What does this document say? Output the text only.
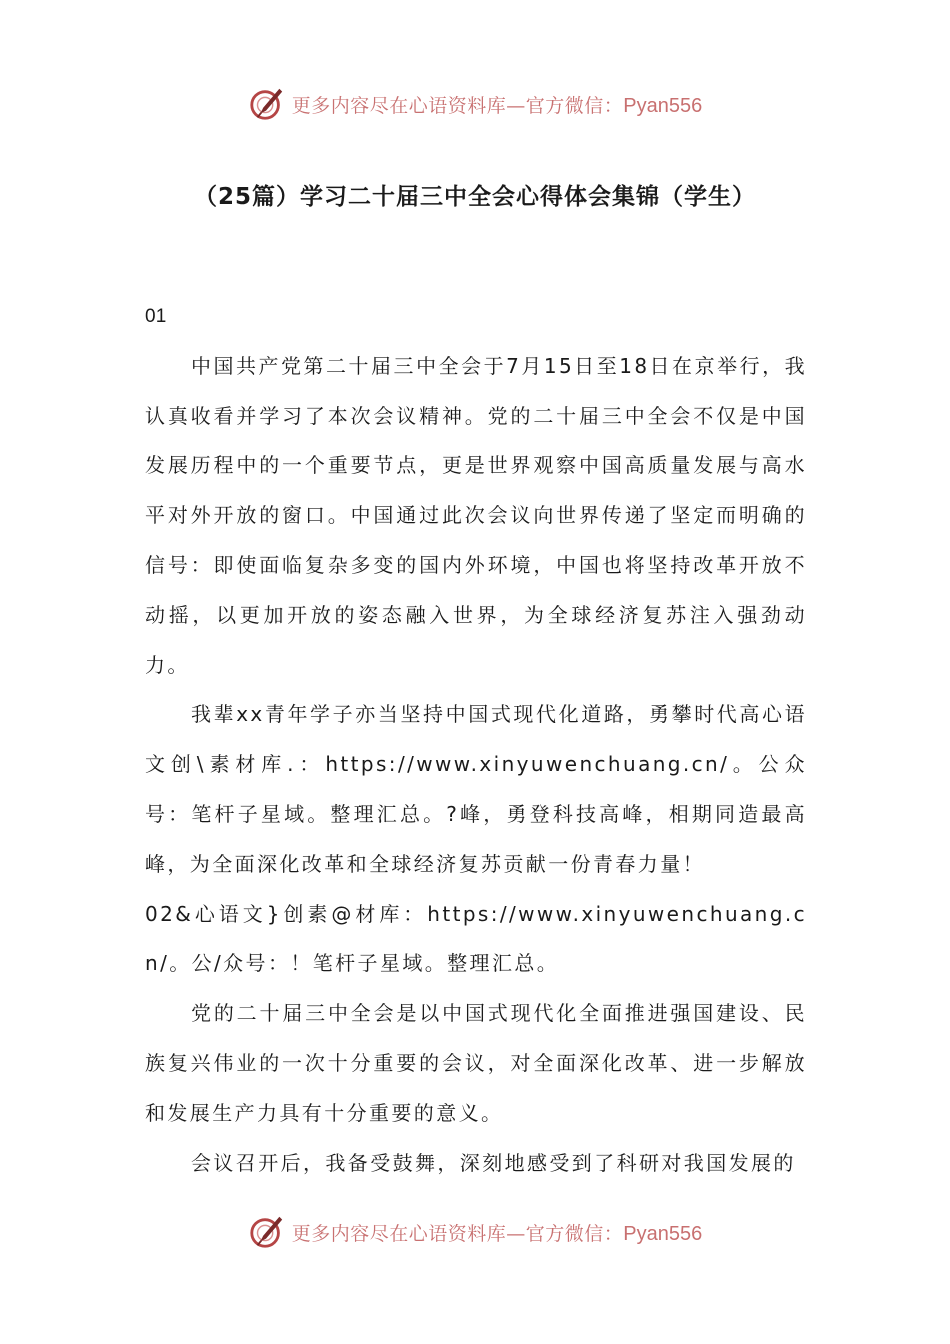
更多内容尽在心语资料库—官方微信：Pyan556
（25篇）学习二十届三中全会心得体会集锦（学生）

01

中国共产党第二十届三中全会于7月15日至18日在京举行，我认真收看并学习了本次会议精神。党的二十届三中全会不仅是中国发展历程中的一个重要节点，更是世界观察中国高质量发展与高水平对外开放的窗口。中国通过此次会议向世界传递了坚定而明确的信号：即使面临复杂多变的国内外环境，中国也将坚持改革开放不动摇，以更加开放的姿态融入世界，为全球经济复苏注入强劲动力。

我辈xx青年学子亦当坚持中国式现代化道路，勇攀时代高心语文创\素材库.：https://www.xinyuwenchuang.cn/。公众号：笔杆子星域。整理汇总。?峰，勇登科技高峰，相期同造最高峰，为全面深化改革和全球经济复苏贡献一份青春力量！

02&心语文}创素@材库：https://www.xinyuwenchuang.cn/。公/众号：！笔杆子星域。整理汇总。

党的二十届三中全会是以中国式现代化全面推进强国建设、民族复兴伟业的一次十分重要的会议，对全面深化改革、进一步解放和发展生产力具有十分重要的意义。

会议召开后，我备受鼓舞，深刻地感受到了科研对我国发展的

更多内容尽在心语资料库—官方微信：Pyan556
